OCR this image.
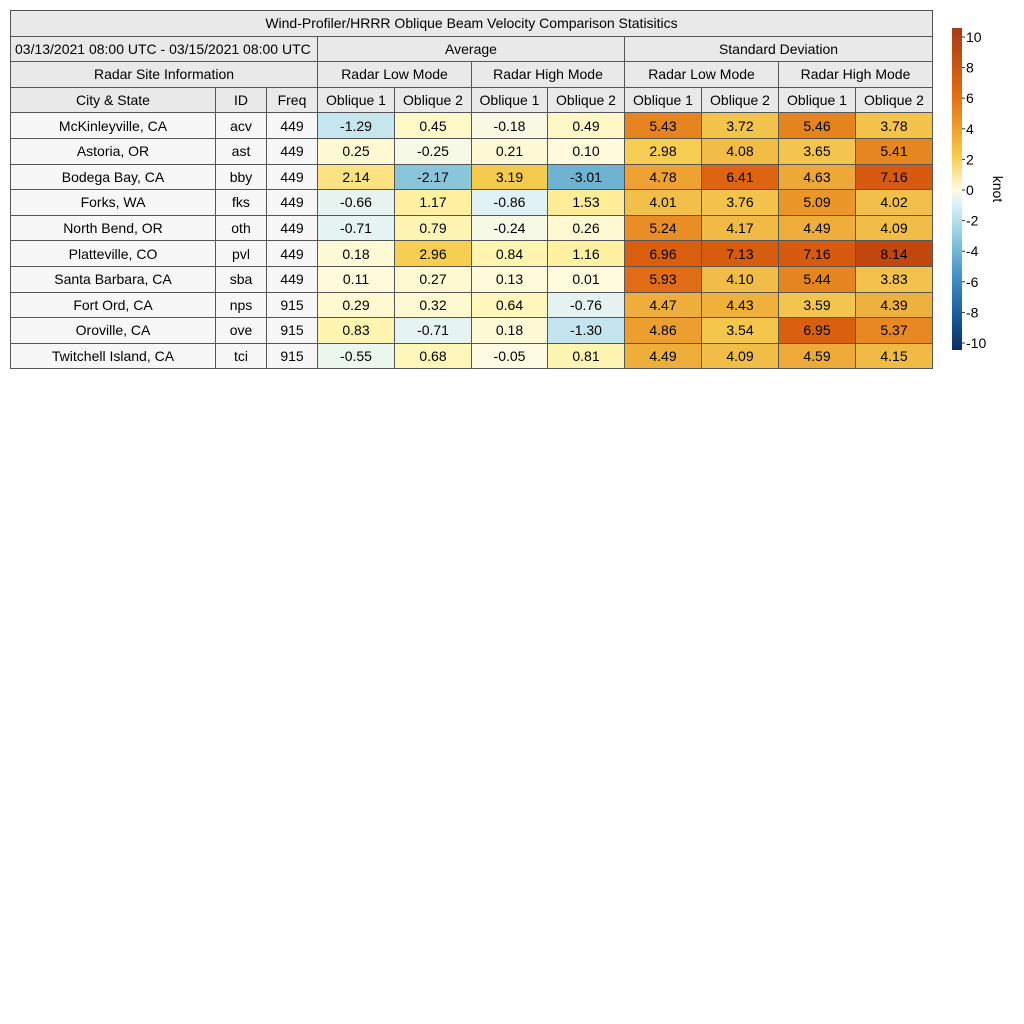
Wind-Profiler/HRRR Oblique Beam Velocity Comparison Statisitics										
03/13/2021 08:00 UTC - 03/15/2021 08:00 UTC			Average				Standard Deviation			
Radar Site Information			Radar Low Mode		Radar High Mode		Radar Low Mode		Radar High Mode	
City & State	ID	Freq	Oblique 1	Oblique 2	Oblique 1	Oblique 2	Oblique 1	Oblique 2	Oblique 1	Oblique 2
McKinleyville, CA	acv	449	-1.29	0.45	-0.18	0.49	5.43	3.72	5.46	3.78
Astoria, OR	ast	449	0.25	-0.25	0.21	0.10	2.98	4.08	3.65	5.41
Bodega Bay, CA	bby	449	2.14	-2.17	3.19	-3.01	4.78	6.41	4.63	7.16
Forks, WA	fks	449	-0.66	1.17	-0.86	1.53	4.01	3.76	5.09	4.02
North Bend, OR	oth	449	-0.71	0.79	-0.24	0.26	5.24	4.17	4.49	4.09
Platteville, CO	pvl	449	0.18	2.96	0.84	1.16	6.96	7.13	7.16	8.14
Santa Barbara, CA	sba	449	0.11	0.27	0.13	0.01	5.93	4.10	5.44	3.83
Fort Ord, CA	nps	915	0.29	0.32	0.64	-0.76	4.47	4.43	3.59	4.39
Oroville, CA	ove	915	0.83	-0.71	0.18	-1.30	4.86	3.54	6.95	5.37
Twitchell Island, CA	tci	915	-0.55	0.68	-0.05	0.81	4.49	4.09	4.59	4.15
10
8
6
4
2
0
-2
-4
-6
-8
-10
knot
